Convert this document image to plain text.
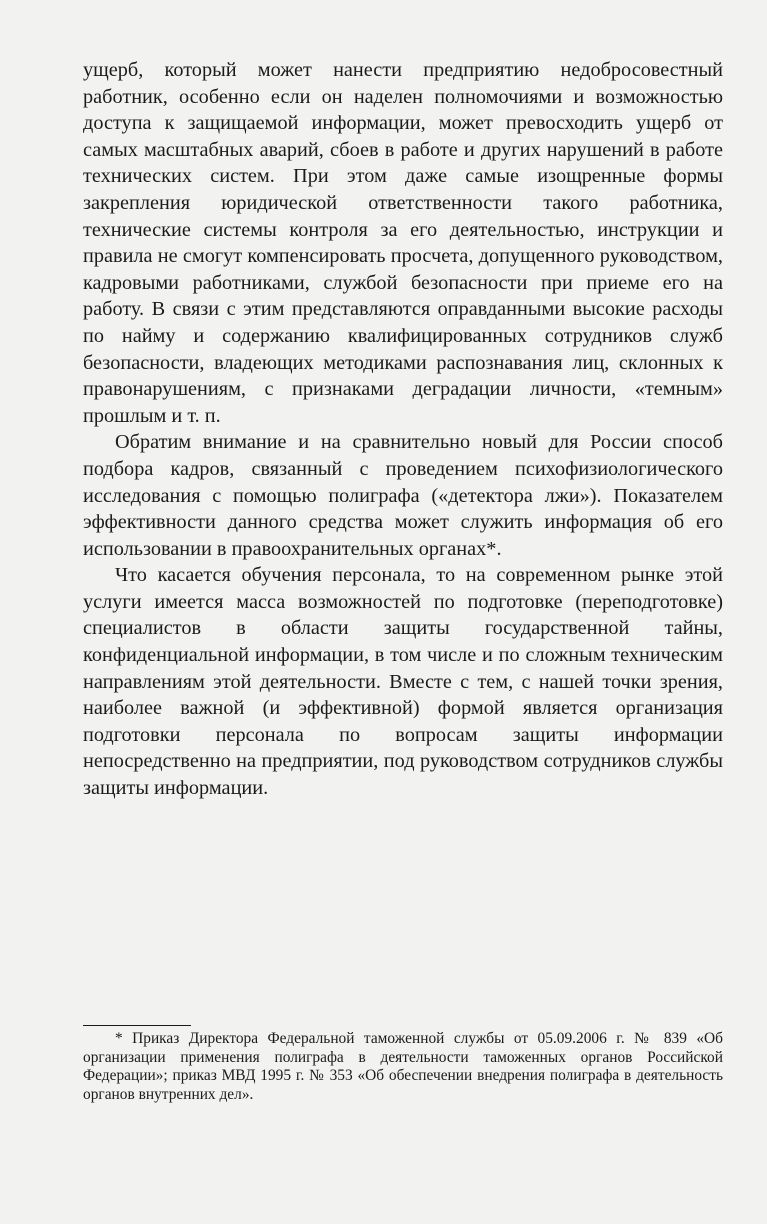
ущерб, который может нанести предприятию недобросовестный работник, особенно если он наделен полномочиями и возможностью доступа к защищаемой информации, может превосходить ущерб от самых масштабных аварий, сбоев в работе и других нарушений в работе технических систем. При этом даже самые изощренные формы закрепления юридической ответственности такого работника, технические системы контроля за его деятельностью, инструкции и правила не смогут компенсировать просчета, допущенного руководством, кадровыми работниками, службой безопасности при приеме его на работу. В связи с этим представляются оправданными высокие расходы по найму и содержанию квалифицированных сотрудников служб безопасности, владеющих методиками распознавания лиц, склонных к правонарушениям, с признаками деградации личности, «темным» прошлым и т. п.

Обратим внимание и на сравнительно новый для России способ подбора кадров, связанный с проведением психофизиологического исследования с помощью полиграфа («детектора лжи»). Показателем эффективности данного средства может служить информация об его использовании в правоохранительных органах*.

Что касается обучения персонала, то на современном рынке этой услуги имеется масса возможностей по подготовке (переподготовке) специалистов в области защиты государственной тайны, конфиденциальной информации, в том числе и по сложным техническим направлениям этой деятельности. Вместе с тем, с нашей точки зрения, наиболее важной (и эффективной) формой является организация подготовки персонала по вопросам защиты информации непосредственно на предприятии, под руководством сотрудников службы защиты информации.

* Приказ Директора Федеральной таможенной службы от 05.09.2006 г. № 839 «Об организации применения полиграфа в деятельности таможенных органов Российской Федерации»; приказ МВД 1995 г. № 353 «Об обеспечении внедрения полиграфа в деятельность органов внутренних дел».
